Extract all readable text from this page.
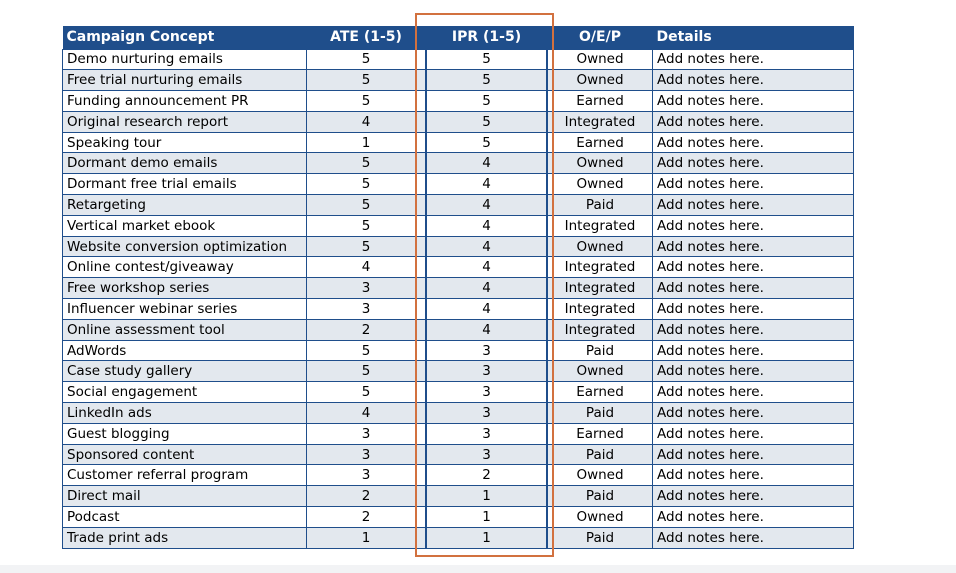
Campaign Concept	ATE (1-5)		IPR (1-5)		O/E/P	Details
Demo nurturing emails	5		5		Owned	Add notes here.
Free trial nurturing emails	5		5		Owned	Add notes here.
Funding announcement PR	5		5		Earned	Add notes here.
Original research report	4		5		Integrated	Add notes here.
Speaking tour	1		5		Earned	Add notes here.
Dormant demo emails	5		4		Owned	Add notes here.
Dormant free trial emails	5		4		Owned	Add notes here.
Retargeting	5		4		Paid	Add notes here.
Vertical market ebook	5		4		Integrated	Add notes here.
Website conversion optimization	5		4		Owned	Add notes here.
Online contest/giveaway	4		4		Integrated	Add notes here.
Free workshop series	3		4		Integrated	Add notes here.
Influencer webinar series	3		4		Integrated	Add notes here.
Online assessment tool	2		4		Integrated	Add notes here.
AdWords	5		3		Paid	Add notes here.
Case study gallery	5		3		Owned	Add notes here.
Social engagement	5		3		Earned	Add notes here.
LinkedIn ads	4		3		Paid	Add notes here.
Guest blogging	3		3		Earned	Add notes here.
Sponsored content	3		3		Paid	Add notes here.
Customer referral program	3		2		Owned	Add notes here.
Direct mail	2		1		Paid	Add notes here.
Podcast	2		1		Owned	Add notes here.
Trade print ads	1		1		Paid	Add notes here.
